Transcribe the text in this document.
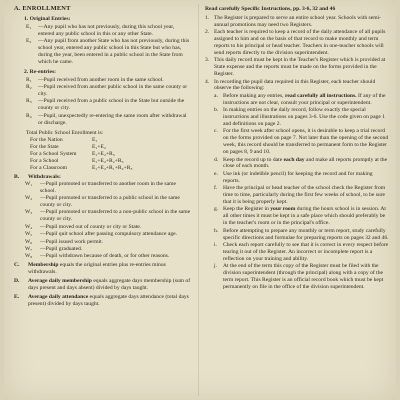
A. ENROLLMENT

1. Original Entries:

E₁ —Any pupil who has not previously, during this school year, entered any public school in this or any other State.
E₂ —Any pupil from another State who has not previously, during this school year, entered any public school in this State but who has, during the year, been entered in a public school in the State from which he came.

2. Re-entries:

R₁ —Pupil received from another room in the same school.
R₂ —Pupil received from another public school in the same county or city.
R₃ —Pupil received from a public school in the State but outside the county or city.
R₄ —Pupil, unexpectedly re-entering the same room after withdrawal or discharge.

Total Public School Enrollment is:

For the Nation	E₁
For the State	E₁+E₂
For a School System	E₁+E₂+R₃
For a School	E₁+E₂+R₂+R₃
For a Classroom	E₁+E₂+R₁+R₂+R₃
B. Withdrawals:
W₁ —Pupil promoted or transferred to another room in the same school.
W₂ —Pupil promoted or transferred to a public school in the same county or city.
W₃ —Pupil promoted or transferred to a non-public school in the same county or city.
W₄ —Pupil moved out of county or city or State.
W₅ —Pupil quit school after passing compulsory attendance age.
W₆ —Pupil issued work permit.
W₇ —Pupil graduated.
W₈ —Pupil withdrawn because of death, or for other reasons.
C. Membership equals the original entries plus re-entries minus withdrawals.
D. Average daily membership equals aggregate days membership (sum of days present and days absent) divided by days taught.
E. Average daily attendance equals aggregate days attendance (total days present) divided by days taught.

Read carefully Specific Instructions, pp. 3-6, 32 and 46

1. The Register is prepared to serve an entire school year. Schools with semi-annual promotions may need two Registers.
2. Each teacher is required to keep a record of the daily attendance of all pupils assigned to him and on the basis of that record to make monthly and term reports to his principal or head teacher. Teachers in one-teacher schools will send reports directly to the division superintendent.
3. This daily record must be kept in the Teacher's Register which is provided at State expense and the reports must be made on the forms provided in the Register.
4. In recording the pupil data required in this Register, each teacher should observe the following:
a. Before making any entries, read carefully all instructions. If any of the instructions are not clear, consult your principal or superintendent.
b. In making entries on the daily record, follow exactly the special instructions and illustrations on pages 3-6. Use the code given on page 1 and definitions on page 2.
c. For the first week after school opens, it is desirable to keep a trial record on the forms provided on page 7. Not later than the opening of the second week, this record should be transferred to permanent form to the Register on pages 8, 9 and 10.
d. Keep the record up to date each day and make all reports promptly at the close of each month.
e. Use ink (or indelible pencil) for keeping the record and for making reports.
f. Have the principal or head teacher of the school check the Register from time to time, particularly during the first few weeks of school, to be sure that it is being properly kept.
g. Keep the Register in your room during the hours school is in session. At all other times it must be kept in a safe place which should preferably be in the teacher's room or in the principal's office.
h. Before attempting to prepare any monthly or term report, study carefully specific directions and formulae for preparing reports on pages 32 and 46.
i. Check each report carefully to see that it is correct in every respect before tearing it out of the Register. An incorrect or incomplete report is a reflection on your training and ability.
j. At the end of the term this copy of the Register must be filed with the division superintendent (through the principal) along with a copy of the term report. This Register is an official record book which must be kept permanently on file in the office of the division superintendent.
